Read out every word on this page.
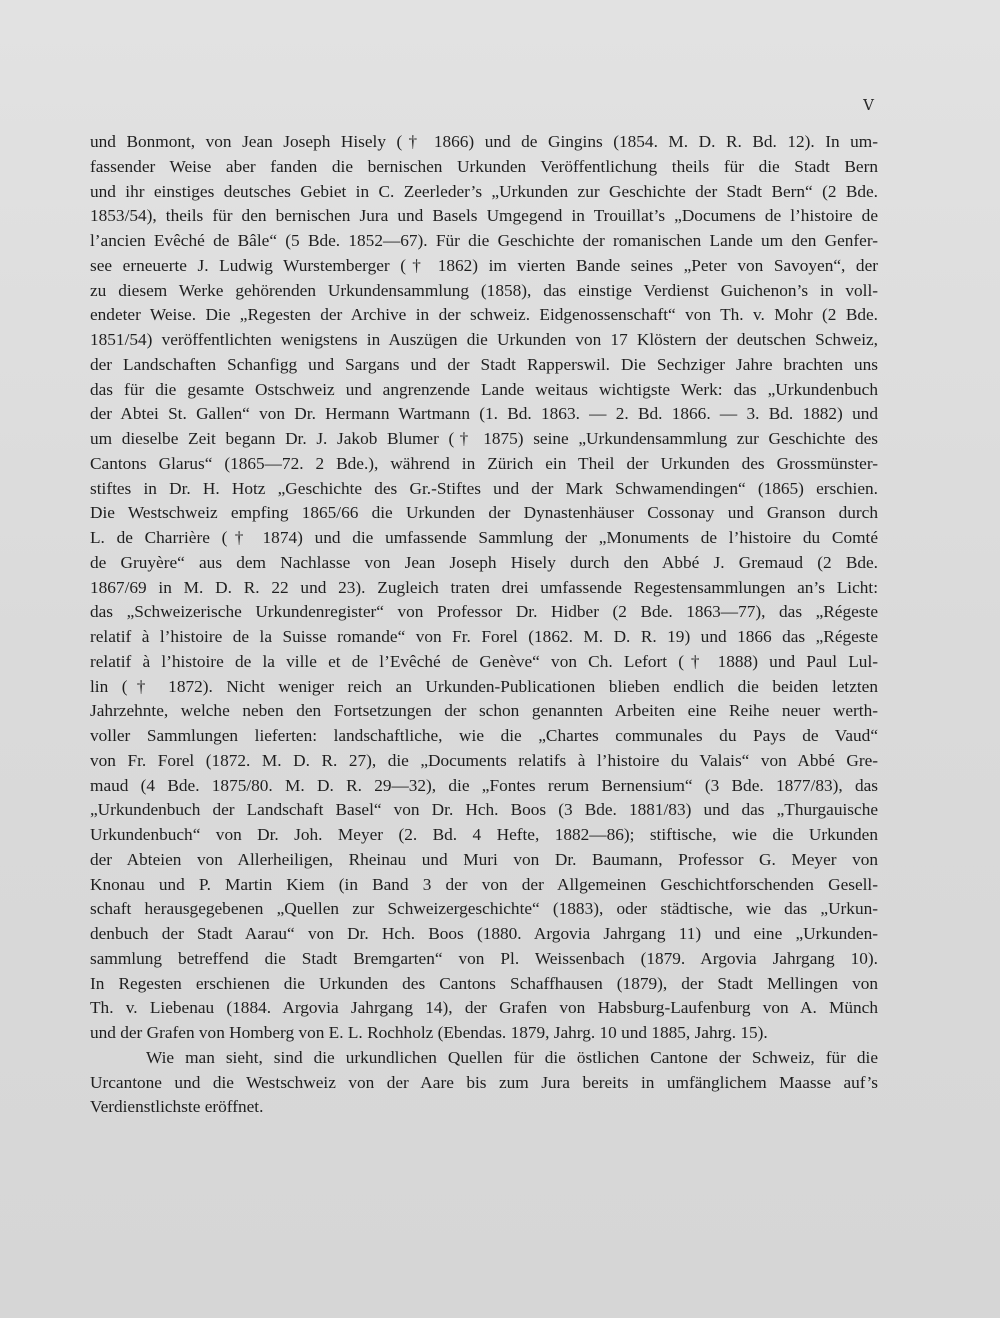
V
und Bonmont, von Jean Joseph Hisely († 1866) und de Gingins (1854. M. D. R. Bd. 12). In um-
fassender Weise aber fanden die bernischen Urkunden Veröffentlichung theils für die Stadt Bern
und ihr einstiges deutsches Gebiet in C. Zeerleder’s „Urkunden zur Geschichte der Stadt Bern“ (2 Bde.
1853/54), theils für den bernischen Jura und Basels Umgegend in Trouillat’s „Documens de l’histoire de
l’ancien Evêché de Bâle“ (5 Bde. 1852—67). Für die Geschichte der romanischen Lande um den Genfer-
see erneuerte J. Ludwig Wurstemberger († 1862) im vierten Bande seines „Peter von Savoyen“, der
zu diesem Werke gehörenden Urkundensammlung (1858), das einstige Verdienst Guichenon’s in voll-
endeter Weise. Die „Regesten der Archive in der schweiz. Eidgenossenschaft“ von Th. v. Mohr (2 Bde.
1851/54) veröffentlichten wenigstens in Auszügen die Urkunden von 17 Klöstern der deutschen Schweiz,
der Landschaften Schanfigg und Sargans und der Stadt Rapperswil. Die Sechziger Jahre brachten uns
das für die gesamte Ostschweiz und angrenzende Lande weitaus wichtigste Werk: das „Urkundenbuch
der Abtei St. Gallen“ von Dr. Hermann Wartmann (1. Bd. 1863. — 2. Bd. 1866. — 3. Bd. 1882) und
um dieselbe Zeit begann Dr. J. Jakob Blumer († 1875) seine „Urkundensammlung zur Geschichte des
Cantons Glarus“ (1865—72. 2 Bde.), während in Zürich ein Theil der Urkunden des Grossmünster-
stiftes in Dr. H. Hotz „Geschichte des Gr.-Stiftes und der Mark Schwamendingen“ (1865) erschien.
Die Westschweiz empfing 1865/66 die Urkunden der Dynastenhäuser Cossonay und Granson durch
L. de Charrière († 1874) und die umfassende Sammlung der „Monuments de l’histoire du Comté
de Gruyère“ aus dem Nachlasse von Jean Joseph Hisely durch den Abbé J. Gremaud (2 Bde.
1867/69 in M. D. R. 22 und 23). Zugleich traten drei umfassende Regestensammlungen an’s Licht:
das „Schweizerische Urkundenregister“ von Professor Dr. Hidber (2 Bde. 1863—77), das „Régeste
relatif à l’histoire de la Suisse romande“ von Fr. Forel (1862. M. D. R. 19) und 1866 das „Régeste
relatif à l’histoire de la ville et de l’Evêché de Genève“ von Ch. Lefort († 1888) und Paul Lul-
lin († 1872). Nicht weniger reich an Urkunden-Publicationen blieben endlich die beiden letzten
Jahrzehnte, welche neben den Fortsetzungen der schon genannten Arbeiten eine Reihe neuer werth-
voller Sammlungen lieferten: landschaftliche, wie die „Chartes communales du Pays de Vaud“
von Fr. Forel (1872. M. D. R. 27), die „Documents relatifs à l’histoire du Valais“ von Abbé Gre-
maud (4 Bde. 1875/80. M. D. R. 29—32), die „Fontes rerum Bernensium“ (3 Bde. 1877/83), das
„Urkundenbuch der Landschaft Basel“ von Dr. Hch. Boos (3 Bde. 1881/83) und das „Thurgauische
Urkundenbuch“ von Dr. Joh. Meyer (2. Bd. 4 Hefte, 1882—86); stiftische, wie die Urkunden
der Abteien von Allerheiligen, Rheinau und Muri von Dr. Baumann, Professor G. Meyer von
Knonau und P. Martin Kiem (in Band 3 der von der Allgemeinen Geschichtforschenden Gesell-
schaft herausgegebenen „Quellen zur Schweizergeschichte“ (1883), oder städtische, wie das „Urkun-
denbuch der Stadt Aarau“ von Dr. Hch. Boos (1880. Argovia Jahrgang 11) und eine „Urkunden-
sammlung betreffend die Stadt Bremgarten“ von Pl. Weissenbach (1879. Argovia Jahrgang 10).
In Regesten erschienen die Urkunden des Cantons Schaffhausen (1879), der Stadt Mellingen von
Th. v. Liebenau (1884. Argovia Jahrgang 14), der Grafen von Habsburg-Laufenburg von A. Münch
und der Grafen von Homberg von E. L. Rochholz (Ebendas. 1879, Jahrg. 10 und 1885, Jahrg. 15).
Wie man sieht, sind die urkundlichen Quellen für die östlichen Cantone der Schweiz, für die
Urcantone und die Westschweiz von der Aare bis zum Jura bereits in umfänglichem Maasse auf’s
Verdienstlichste eröffnet.
